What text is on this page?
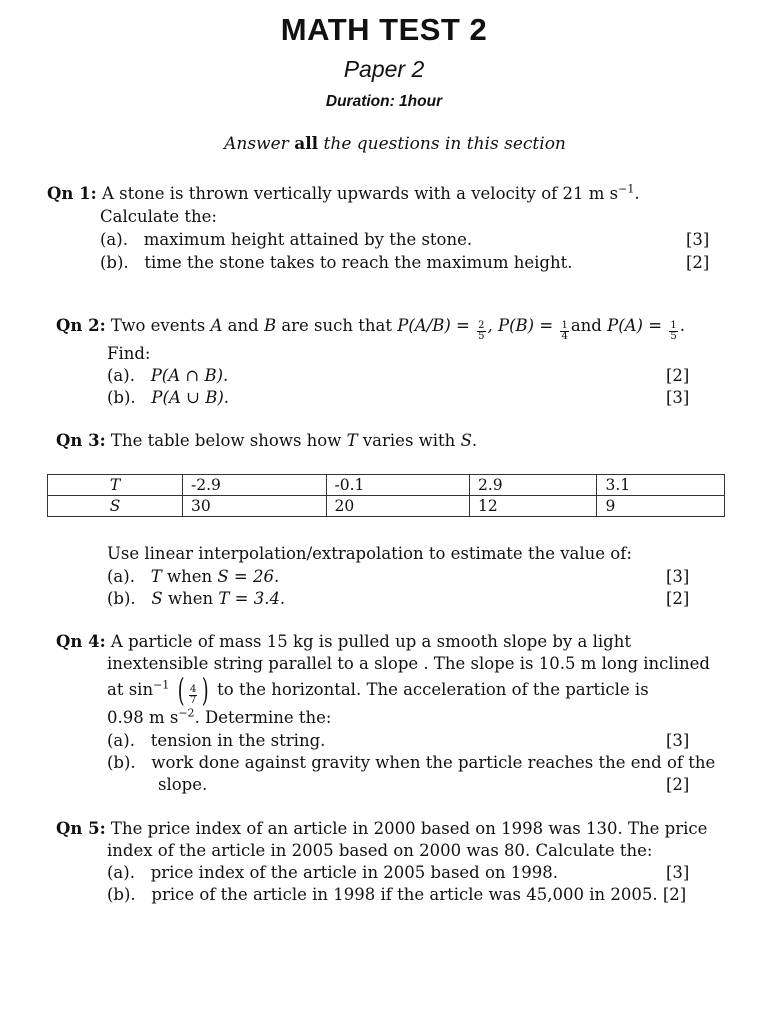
MATH TEST 2
Paper 2
Duration: 1hour
Answer all the questions in this section
Qn 1: A stone is thrown vertically upwards with a velocity of 21 m $s^{-1}$.
Calculate the:
(a).   maximum height attained by the stone.	[3]
(b).   time the stone takes to reach the maximum height.	[2]
Qn 2: Two events A and B are such that $P(A/B) = \frac{2}{5}$ , $P(B) = \frac{1}{4}$ and $P(A) = \frac{1}{5}$ .
Find:
(a).   P(A ∩ B).	[2]
(b).   P(A ∪ B).	[3]
Qn 3: The table below shows how T varies with S.
T	-2.9	-0.1	2.9	3.1
S	30	20	12	9
Use linear interpolation/extrapolation to estimate the value of:
(a).   T when S = 26.	[3]
(b).   S when T = 3.4.	[2]
Qn 4: A particle of mass 15 kg is pulled up a smooth slope by a light
inextensible string parallel to a slope . The slope is 10.5 m long inclined
at $\sin^{-1}$ ( $\frac{4}{7}$ ) to the horizontal. The acceleration of the particle is
0.98 m $s^{-2}$. Determine the:
(a).   tension in the string.	[3]
(b).   work done against gravity when the particle reaches the end of the
slope.	[2]
Qn 5: The price index of an article in 2000 based on 1998 was 130. The price
index of the article in 2005 based on 2000 was 80. Calculate the:
(a).   price index of the article in 2005 based on 1998.	[3]
(b).   price of the article in 1998 if the article was 45,000 in 2005. [2]
